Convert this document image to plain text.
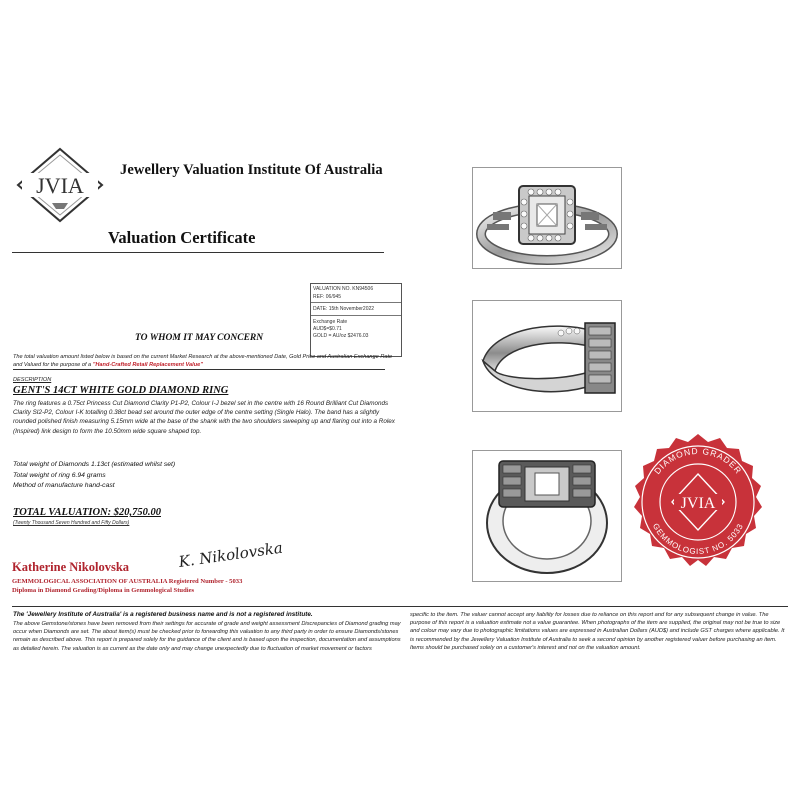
JVIA
Jewellery Valuation Institute Of Australia
Valuation Certificate
VALUATION NO. KN94506
REF: 06/945
DATE: 15th November2022
Exchange Rate
AUD$=$0.71
GOLD = AU/oz $2476.03
TO WHOM IT MAY CONCERN
The total valuation amount listed below is based on the current Market Research at the above-mentioned Date, Gold Price and Australian Exchange Rate and Valued for the purpose of a "Hand-Crafted Retail Replacement Value"
DESCRIPTION
GENT'S 14CT WHITE GOLD DIAMOND RING
The ring features a 0.75ct Princess Cut Diamond Clarity P1-P2, Colour I-J bezel set in the centre with 16 Round Brilliant Cut Diamonds Clarity SI2-P2, Colour I-K totalling 0.38ct bead set around the outer edge of the centre setting (Single Halo). The band has a slightly rounded polished finish measuring 5.15mm wide at the base of the shank with the two shoulders sweeping up and flaring out into a Rolex (Inspired) link design to form the 10.50mm wide square shaped top.
Total weight of Diamonds 1.13ct (estimated whilst set)
Total weight of ring 6.94 grams
Method of manufacture hand-cast
TOTAL VALUATION: $20,750.00
(Twenty Thousand Seven Hundred and Fifty Dollars)
Katherine Nikolovska	K. Nikolovska
GEMMOLOGICAL ASSOCIATION OF AUSTRALIA Registered Number - 5033
Diploma in Diamond Grading/Diploma in Gemmological Studies
The 'Jewellery Institute of Australia' is a registered business name and is not a registered institute.
The above Gemstone/stones have been removed from their settings for accurate of grade and weight assessment Discrepancies of Diamond grading may occur when Diamonds are set. The about item(s) must be checked prior to forwarding this valuation to any third party in order to ensure Diamonds/stones remain as described above. This report is prepared solely for the guidance of the client and is based upon the inspection, documentation and assumptions as detailed herein. The valuation is as current as the date only and may change unexpectedly due to fluctuation of market movement or factors
specific to the item. The valuer cannot accept any liability for losses due to reliance on this report and for any subsequent change in value. The purpose of this report is a valuation estimate not a value guarantee. When photographs of the item are supplied, the original may not be true to size and colour may vary due to photographic limitations values are expressed in Australian Dollars (AUD$) and include GST charges where applicable. It is recommended by the Jewellery Valuation Institute of Australia to seek a second opinion by another registered valuer before purchasing an item. Items should be purchased solely on a customer's interest and not on the valuation amount.
DIAMOND GRADER
GEMMOLOGIST NO. 5033
JVIA
